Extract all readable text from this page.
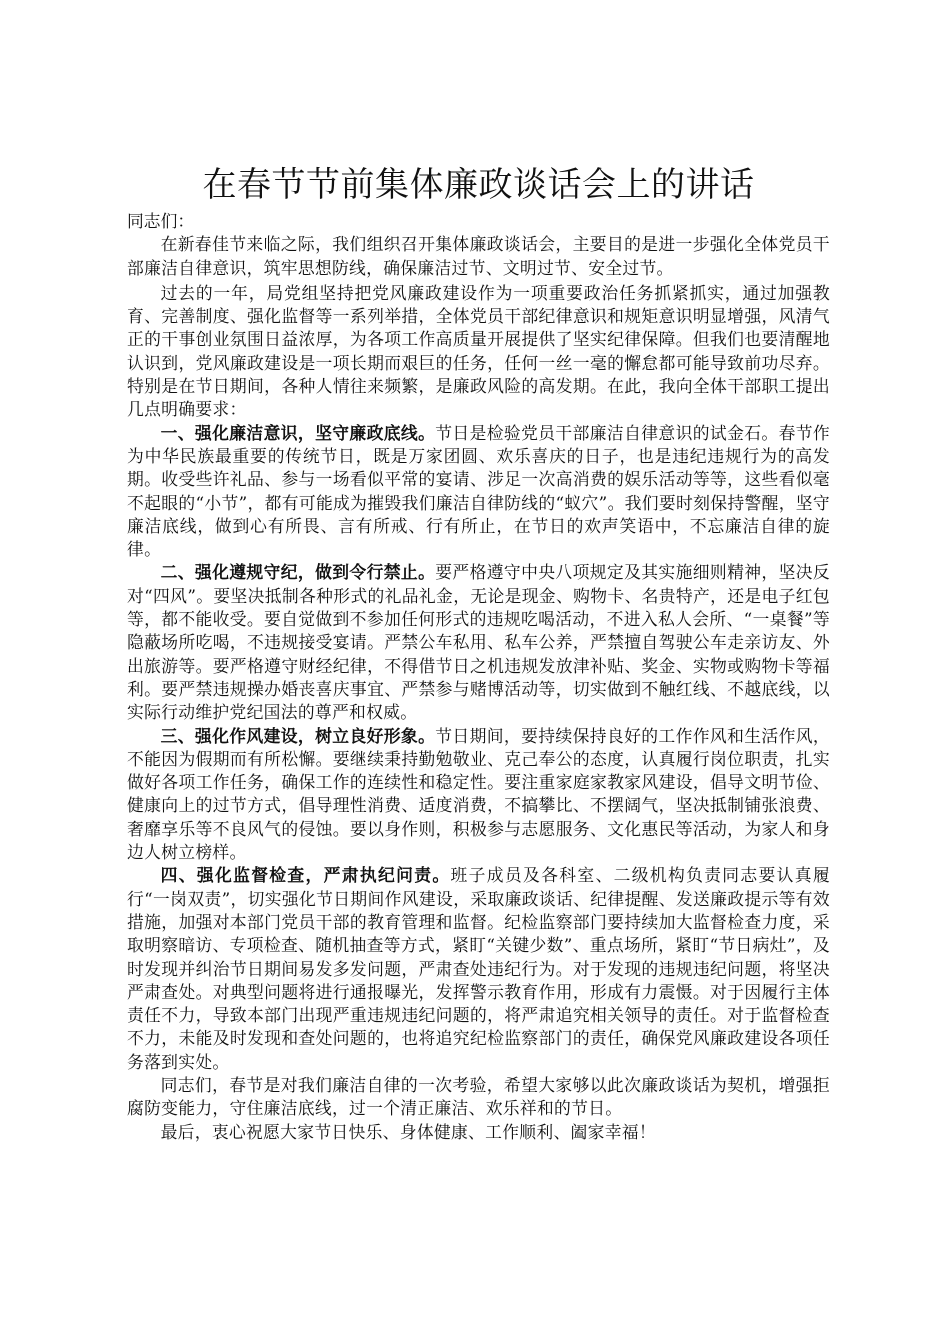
在春节节前集体廉政谈话会上的讲话

同志们：

在新春佳节来临之际，我们组织召开集体廉政谈话会，主要目的是进一步强化全体党员干部廉洁自律意识，筑牢思想防线，确保廉洁过节、文明过节、安全过节。

过去的一年，局党组坚持把党风廉政建设作为一项重要政治任务抓紧抓实，通过加强教育、完善制度、强化监督等一系列举措，全体党员干部纪律意识和规矩意识明显增强，风清气正的干事创业氛围日益浓厚，为各项工作高质量开展提供了坚实纪律保障。但我们也要清醒地认识到，党风廉政建设是一项长期而艰巨的任务，任何一丝一毫的懈怠都可能导致前功尽弃。特别是在节日期间，各种人情往来频繁，是廉政风险的高发期。在此，我向全体干部职工提出几点明确要求：

一、强化廉洁意识，坚守廉政底线。节日是检验党员干部廉洁自律意识的试金石。春节作为中华民族最重要的传统节日，既是万家团圆、欢乐喜庆的日子，也是违纪违规行为的高发期。收受些许礼品、参与一场看似平常的宴请、涉足一次高消费的娱乐活动等等，这些看似毫不起眼的“小节”，都有可能成为摧毁我们廉洁自律防线的“蚁穴”。我们要时刻保持警醒，坚守廉洁底线，做到心有所畏、言有所戒、行有所止，在节日的欢声笑语中，不忘廉洁自律的旋律。

二、强化遵规守纪，做到令行禁止。要严格遵守中央八项规定及其实施细则精神，坚决反对“四风”。要坚决抵制各种形式的礼品礼金，无论是现金、购物卡、名贵特产，还是电子红包等，都不能收受。要自觉做到不参加任何形式的违规吃喝活动，不进入私人会所、“一桌餐”等隐蔽场所吃喝，不违规接受宴请。严禁公车私用、私车公养，严禁擅自驾驶公车走亲访友、外出旅游等。要严格遵守财经纪律，不得借节日之机违规发放津补贴、奖金、实物或购物卡等福利。要严禁违规操办婚丧喜庆事宜、严禁参与赌博活动等，切实做到不触红线、不越底线，以实际行动维护党纪国法的尊严和权威。

三、强化作风建设，树立良好形象。节日期间，要持续保持良好的工作作风和生活作风，不能因为假期而有所松懈。要继续秉持勤勉敬业、克己奉公的态度，认真履行岗位职责，扎实做好各项工作任务，确保工作的连续性和稳定性。要注重家庭家教家风建设，倡导文明节俭、健康向上的过节方式，倡导理性消费、适度消费，不搞攀比、不摆阔气，坚决抵制铺张浪费、奢靡享乐等不良风气的侵蚀。要以身作则，积极参与志愿服务、文化惠民等活动，为家人和身边人树立榜样。

四、强化监督检查，严肃执纪问责。班子成员及各科室、二级机构负责同志要认真履行“一岗双责”，切实强化节日期间作风建设，采取廉政谈话、纪律提醒、发送廉政提示等有效措施，加强对本部门党员干部的教育管理和监督。纪检监察部门要持续加大监督检查力度，采取明察暗访、专项检查、随机抽查等方式，紧盯“关键少数”、重点场所，紧盯“节日病灶”，及时发现并纠治节日期间易发多发问题，严肃查处违纪行为。对于发现的违规违纪问题，将坚决严肃查处。对典型问题将进行通报曝光，发挥警示教育作用，形成有力震慑。对于因履行主体责任不力，导致本部门出现严重违规违纪问题的，将严肃追究相关领导的责任。对于监督检查不力，未能及时发现和查处问题的，也将追究纪检监察部门的责任，确保党风廉政建设各项任务落到实处。

同志们，春节是对我们廉洁自律的一次考验，希望大家够以此次廉政谈话为契机，增强拒腐防变能力，守住廉洁底线，过一个清正廉洁、欢乐祥和的节日。

最后，衷心祝愿大家节日快乐、身体健康、工作顺利、阖家幸福！
